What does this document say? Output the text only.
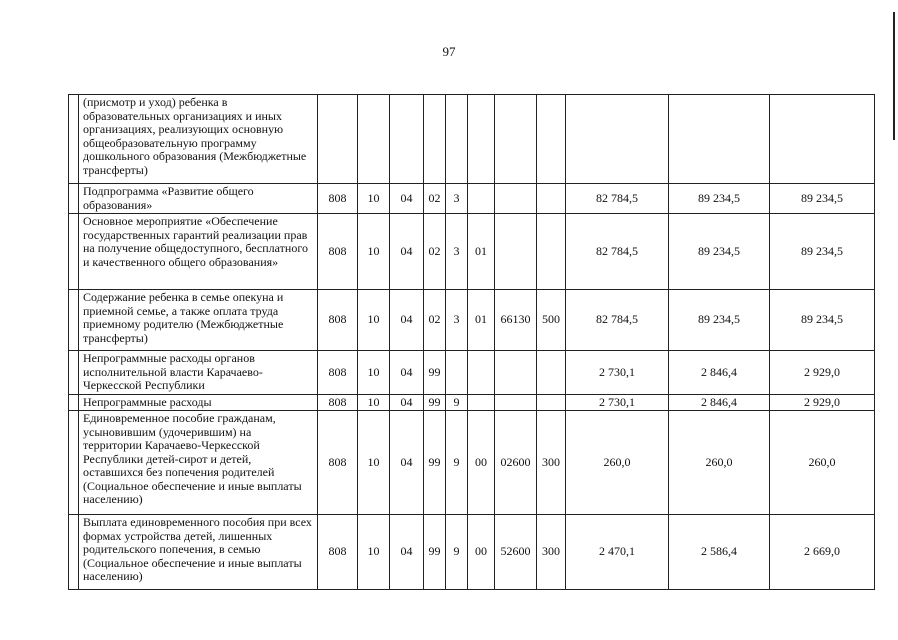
97
	(присмотр и уход) ребенка в образовательных организациях и иных организациях, реализующих основную общеобразовательную программу дошкольного образования (Межбюджетные трансферты)											
	Подпрограмма «Развитие общего образования»	808	10	04	02	3				82 784,5	89 234,5	89 234,5
	Основное мероприятие «Обеспечение государственных гарантий реализации прав на получение общедоступного, бесплатного и качественного общего образования»	808	10	04	02	3	01			82 784,5	89 234,5	89 234,5
	Содержание ребенка в семье опекуна и приемной семье, а также оплата труда приемному родителю (Межбюджетные трансферты)	808	10	04	02	3	01	66130	500	82 784,5	89 234,5	89 234,5
	Непрограммные расходы органов исполнительной власти Карачаево-Черкесской Республики	808	10	04	99					2 730,1	2 846,4	2 929,0
	Непрограммные расходы	808	10	04	99	9				2 730,1	2 846,4	2 929,0
	Единовременное пособие гражданам, усыновившим (удочерившим) на территории Карачаево-Черкесской Республики детей-сирот и детей, оставшихся без попечения родителей (Социальное обеспечение и иные выплаты населению)	808	10	04	99	9	00	02600	300	260,0	260,0	260,0
	Выплата единовременного пособия при всех формах устройства детей, лишенных родительского попечения, в семью (Социальное обеспечение и иные выплаты населению)	808	10	04	99	9	00	52600	300	2 470,1	2 586,4	2 669,0
